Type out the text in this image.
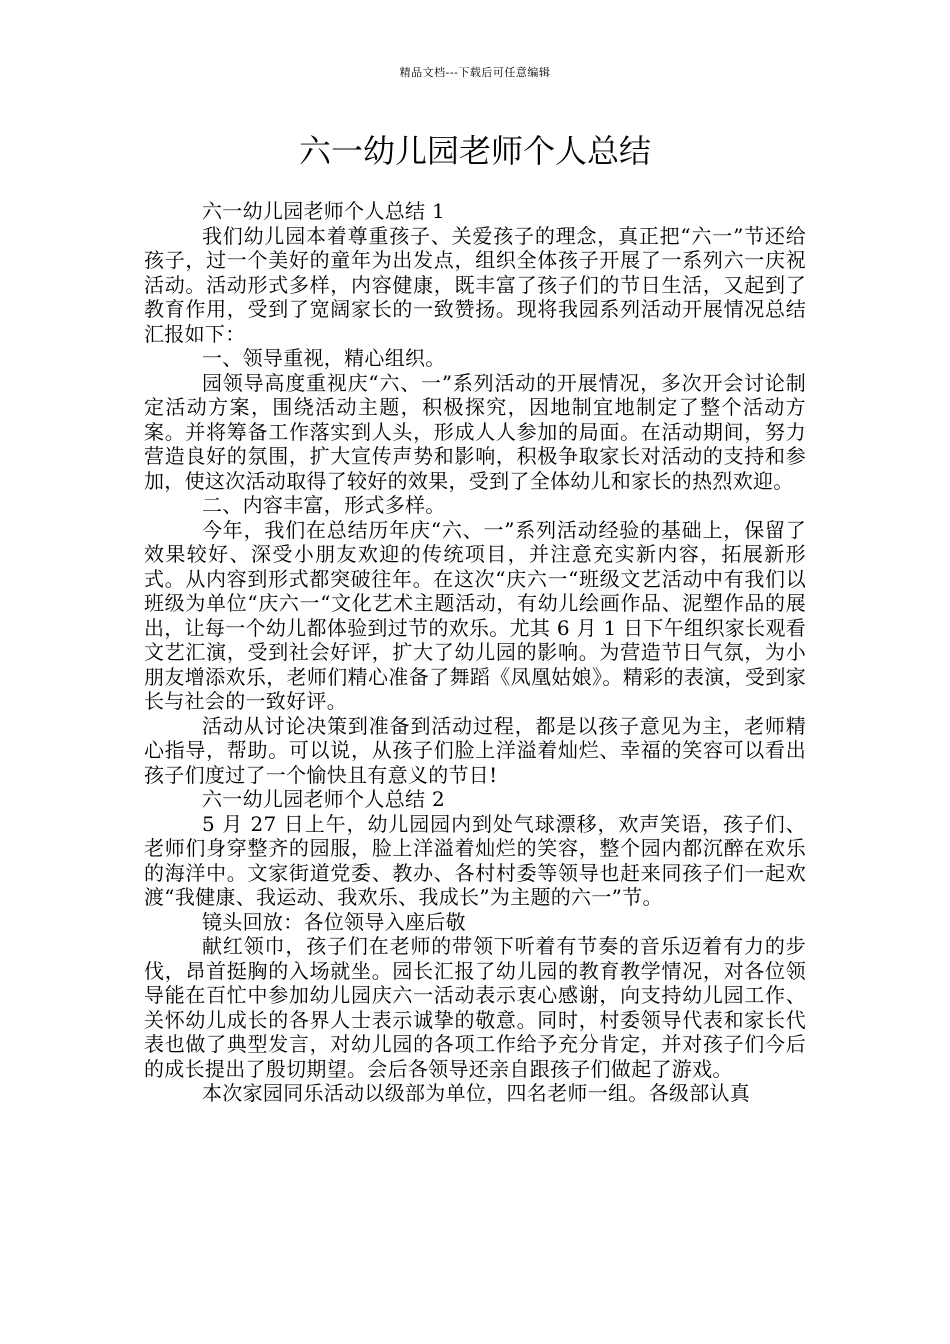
精品文档---下载后可任意编辑
六一幼儿园老师个人总结

六一幼儿园老师个人总结 1

我们幼儿园本着尊重孩子、关爱孩子的理念，真正把“六一”节还给孩子，过一个美好的童年为出发点，组织全体孩子开展了一系列六一庆祝活动。活动形式多样，内容健康，既丰富了孩子们的节日生活，又起到了教育作用，受到了宽阔家长的一致赞扬。现将我园系列活动开展情况总结汇报如下：

一、领导重视，精心组织。

园领导高度重视庆“六、一”系列活动的开展情况，多次开会讨论制定活动方案，围绕活动主题，积极探究，因地制宜地制定了整个活动方案。并将筹备工作落实到人头，形成人人参加的局面。在活动期间，努力营造良好的氛围，扩大宣传声势和影响，积极争取家长对活动的支持和参加，使这次活动取得了较好的效果，受到了全体幼儿和家长的热烈欢迎。

二、内容丰富，形式多样。

今年，我们在总结历年庆“六、一”系列活动经验的基础上，保留了效果较好、深受小朋友欢迎的传统项目，并注意充实新内容，拓展新形式。从内容到形式都突破往年。在这次“庆六一“班级文艺活动中有我们以班级为单位“庆六一“文化艺术主题活动，有幼儿绘画作品、泥塑作品的展出，让每一个幼儿都体验到过节的欢乐。尤其 6 月 1 日下午组织家长观看文艺汇演，受到社会好评，扩大了幼儿园的影响。为营造节日气氛，为小朋友增添欢乐，老师们精心准备了舞蹈《凤凰姑娘》。精彩的表演，受到家长与社会的一致好评。

活动从讨论决策到准备到活动过程，都是以孩子意见为主，老师精心指导，帮助。可以说，从孩子们脸上洋溢着灿烂、幸福的笑容可以看出孩子们度过了一个愉快且有意义的节日!

六一幼儿园老师个人总结 2

5 月 27 日上午，幼儿园园内到处气球漂移，欢声笑语，孩子们、老师们身穿整齐的园服，脸上洋溢着灿烂的笑容，整个园内都沉醉在欢乐的海洋中。文家街道党委、教办、各村村委等领导也赶来同孩子们一起欢渡“我健康、我运动、我欢乐、我成长”为主题的六一”节。

镜头回放：各位领导入座后敬

献红领巾，孩子们在老师的带领下听着有节奏的音乐迈着有力的步伐，昂首挺胸的入场就坐。园长汇报了幼儿园的教育教学情况，对各位领导能在百忙中参加幼儿园庆六一活动表示衷心感谢，向支持幼儿园工作、关怀幼儿成长的各界人士表示诚挚的敬意。同时，村委领导代表和家长代表也做了典型发言，对幼儿园的各项工作给予充分肯定，并对孩子们今后的成长提出了殷切期望。会后各领导还亲自跟孩子们做起了游戏。

本次家园同乐活动以级部为单位，四名老师一组。各级部认真
